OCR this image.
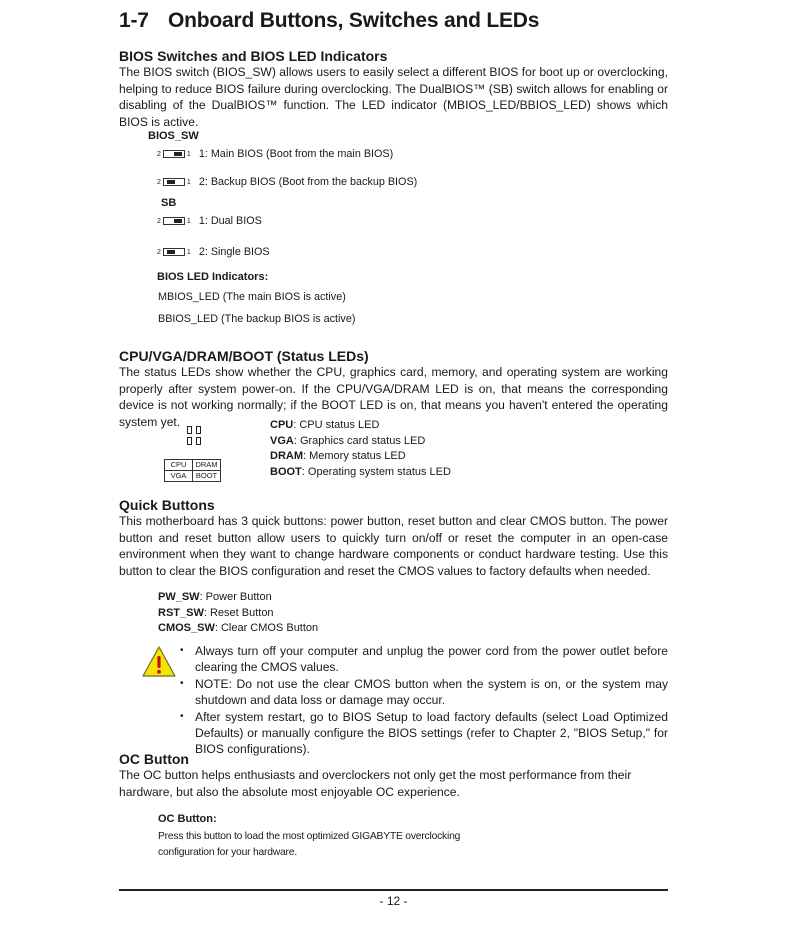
1-7 Onboard Buttons, Switches and LEDs
BIOS Switches and BIOS LED Indicators
The BIOS switch (BIOS_SW) allows users to easily select a different BIOS for boot up or overclocking, helping to reduce BIOS failure during overclocking. The DualBIOS™ (SB) switch allows for enabling or disabling of the DualBIOS™ function. The LED indicator (MBIOS_LED/BBIOS_LED) shows which BIOS is active.
BIOS_SW
2	1 1: Main BIOS (Boot from the main BIOS)
2	1 2: Backup BIOS (Boot from the backup BIOS)
SB
2	1 1: Dual BIOS
2	1 2: Single BIOS
BIOS LED Indicators:
MBIOS_LED (The main BIOS is active)
BBIOS_LED (The backup BIOS is active)
CPU/VGA/DRAM/BOOT (Status LEDs)
The status LEDs show whether the CPU, graphics card, memory, and operating system are working properly after system power-on. If the CPU/VGA/DRAM LED is on, that means the corresponding device is not working normally; if the BOOT LED is on, that means you haven't entered the operating system yet.
CPU	DRAM
VGA	BOOT
CPU: CPU status LED
VGA: Graphics card status LED
DRAM: Memory status LED
BOOT: Operating system status LED
Quick Buttons
This motherboard has 3 quick buttons: power button, reset button and clear CMOS button. The power button and reset button allow users to quickly turn on/off or reset the computer in an open-case environment when they want to change hardware components or conduct hardware testing. Use this button to clear the BIOS configuration and reset the CMOS values to factory defaults when needed.
PW_SW: Power Button
RST_SW: Reset Button
CMOS_SW: Clear CMOS Button
• Always turn off your computer and unplug the power cord from the power outlet before clearing the CMOS values.
• NOTE: Do not use the clear CMOS button when the system is on, or the system may shutdown and data loss or damage may occur.
• After system restart, go to BIOS Setup to load factory defaults (select Load Optimized Defaults) or manually configure the BIOS settings (refer to Chapter 2, "BIOS Setup," for BIOS configurations).
OC Button
The OC button helps enthusiasts and overclockers not only get the most performance from their hardware, but also the absolute most enjoyable OC experience.
OC Button:
Press this button to load the most optimized GIGABYTE overclocking
configuration for your hardware.
- 12 -
